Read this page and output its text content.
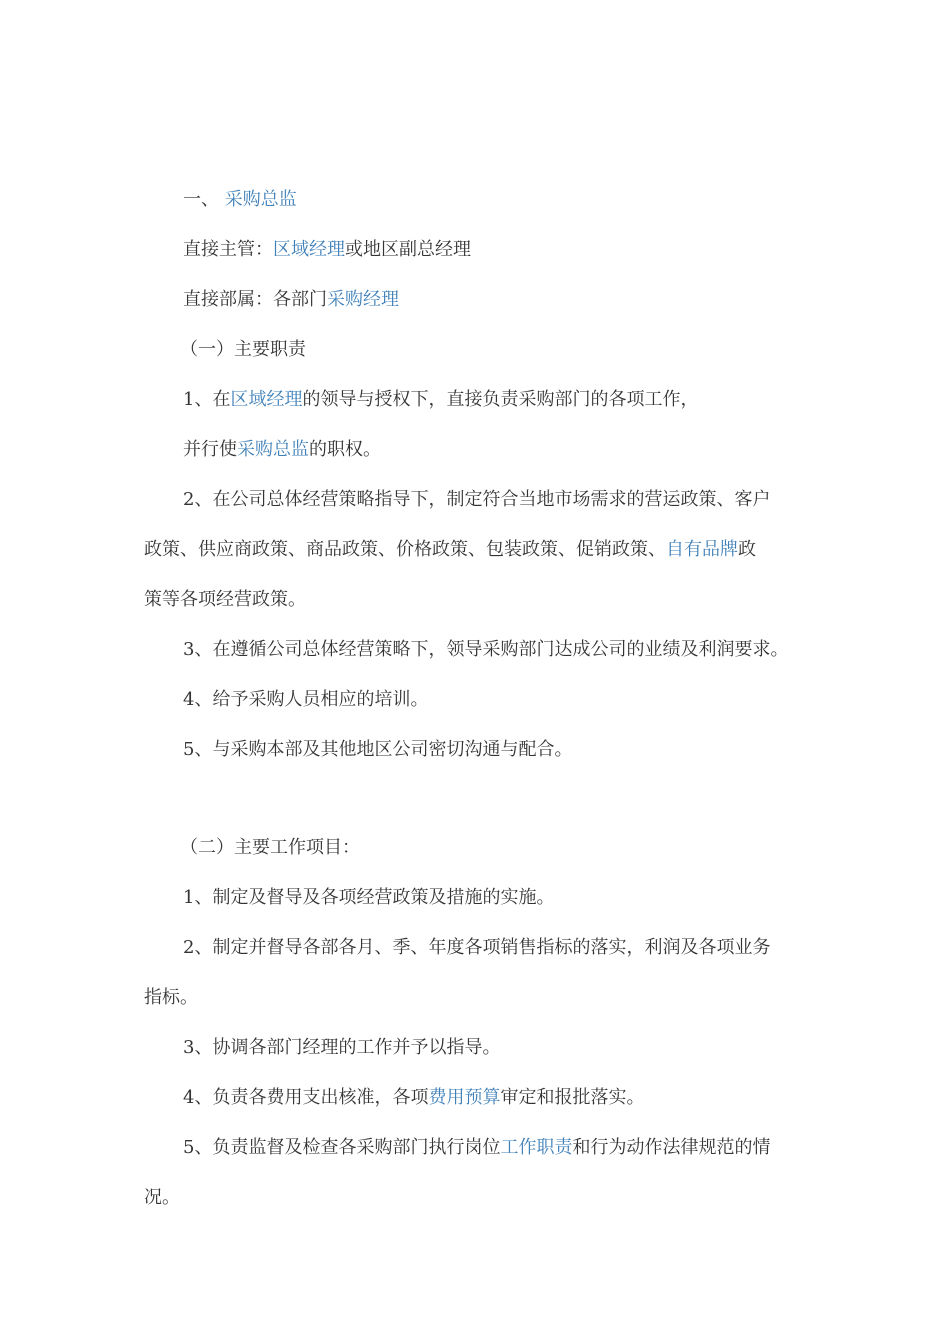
一、 采购总监
直接主管：区域经理或地区副总经理
直接部属：各部门采购经理
（一）主要职责
1、在区域经理的领导与授权下，直接负责采购部门的各项工作，
并行使采购总监的职权。
2、在公司总体经营策略指导下，制定符合当地市场需求的营运政策、客户
政策、供应商政策、商品政策、价格政策、包装政策、促销政策、自有品牌政
策等各项经营政策。
3、在遵循公司总体经营策略下，领导采购部门达成公司的业绩及利润要求。
4、给予采购人员相应的培训。
5、与采购本部及其他地区公司密切沟通与配合。
（二）主要工作项目：
1、制定及督导及各项经营政策及措施的实施。
2、制定并督导各部各月、季、年度各项销售指标的落实，利润及各项业务
指标。
3、协调各部门经理的工作并予以指导。
4、负责各费用支出核准，各项费用预算审定和报批落实。
5、负责监督及检查各采购部门执行岗位工作职责和行为动作法律规范的情
况。
